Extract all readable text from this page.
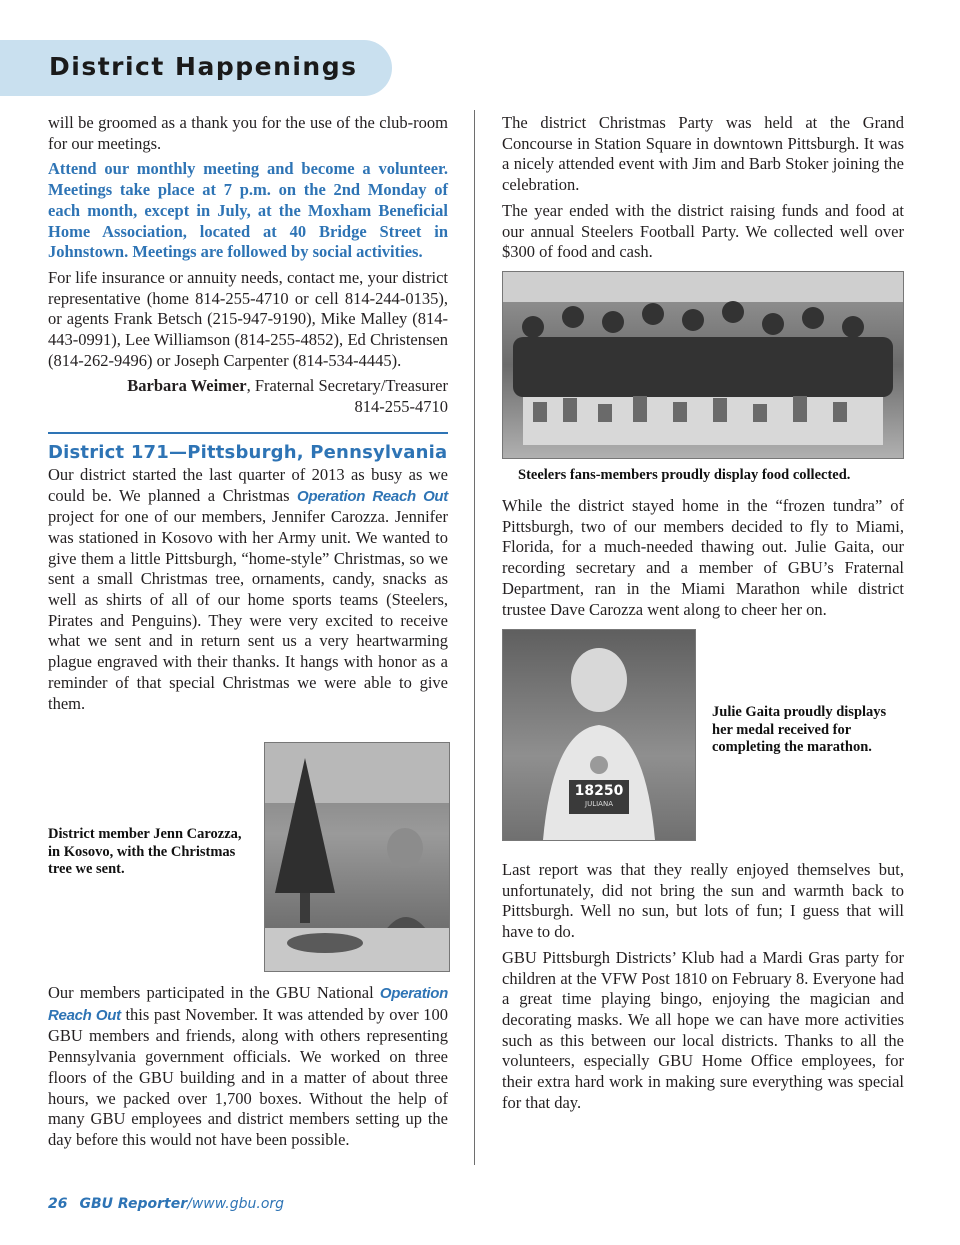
District Happenings

will be groomed as a thank you for the use of the club-room for our meetings.

Attend our monthly meeting and become a volunteer. Meetings take place at 7 p.m. on the 2nd Monday of each month, except in July, at the Moxham Beneficial Home Association, located at 40 Bridge Street in Johnstown. Meetings are followed by social activities.

For life insurance or annuity needs, contact me, your district representative (home 814-255-4710 or cell 814-244-0135), or agents Frank Betsch (215-947-9190), Mike Malley (814-443-0991), Lee Williamson (814-255-4852), Ed Christensen (814-262-9496) or Joseph Carpenter (814-534-4445).

Barbara Weimer, Fraternal Secretary/Treasurer

814-255-4710

District 171—Pittsburgh, Pennsylvania

Our district started the last quarter of 2013 as busy as we could be. We planned a Christmas Operation Reach Out project for one of our members, Jennifer Carozza. Jennifer was stationed in Kosovo with her Army unit. We wanted to give them a little Pittsburgh, “home-style” Christmas, so we sent a small Christmas tree, ornaments, candy, snacks as well as shirts of all of our home sports teams (Steelers, Pirates and Penguins). They were very excited to receive what we sent and in return sent us a very heartwarming plague engraved with their thanks. It hangs with honor as a reminder of that special Christmas we were able to give them.

District member Jenn Carozza, in Kosovo, with the Christmas tree we sent.

Our members participated in the GBU National Operation Reach Out this past November. It was attended by over 100 GBU members and friends, along with others representing Pennsylvania government officials. We worked on three floors of the GBU building and in a matter of about three hours, we packed over 1,700 boxes. Without the help of many GBU employees and district members setting up the day before this would not have been possible.

The district Christmas Party was held at the Grand Concourse in Station Square in downtown Pittsburgh. It was a nicely attended event with Jim and Barb Stoker joining the celebration.

The year ended with the district raising funds and food at our annual Steelers Football Party. We collected well over $300 of food and cash.

Steelers fans-members proudly display food collected.

While the district stayed home in the “frozen tundra” of Pittsburgh, two of our members decided to fly to Miami, Florida, for a much-needed thawing out. Julie Gaita, our recording secretary and a member of GBU’s Fraternal Department, ran in the Miami Marathon while district trustee Dave Carozza went along to cheer her on.

18250
JULIANA

Julie Gaita proudly displays her medal received for completing the marathon.

Last report was that they really enjoyed themselves but, unfortunately, did not bring the sun and warmth back to Pittsburgh. Well no sun, but lots of fun; I guess that will have to do.

GBU Pittsburgh Districts’ Klub had a Mardi Gras party for children at the VFW Post 1810 on February 8. Everyone had a great time playing bingo, enjoying the magician and decorating masks. We all hope we can have more activities such as this between our local districts. Thanks to all the volunteers, especially GBU Home Office employees, for their extra hard work in making sure everything was special for that day.

26 GBU Reporter/www.gbu.org
